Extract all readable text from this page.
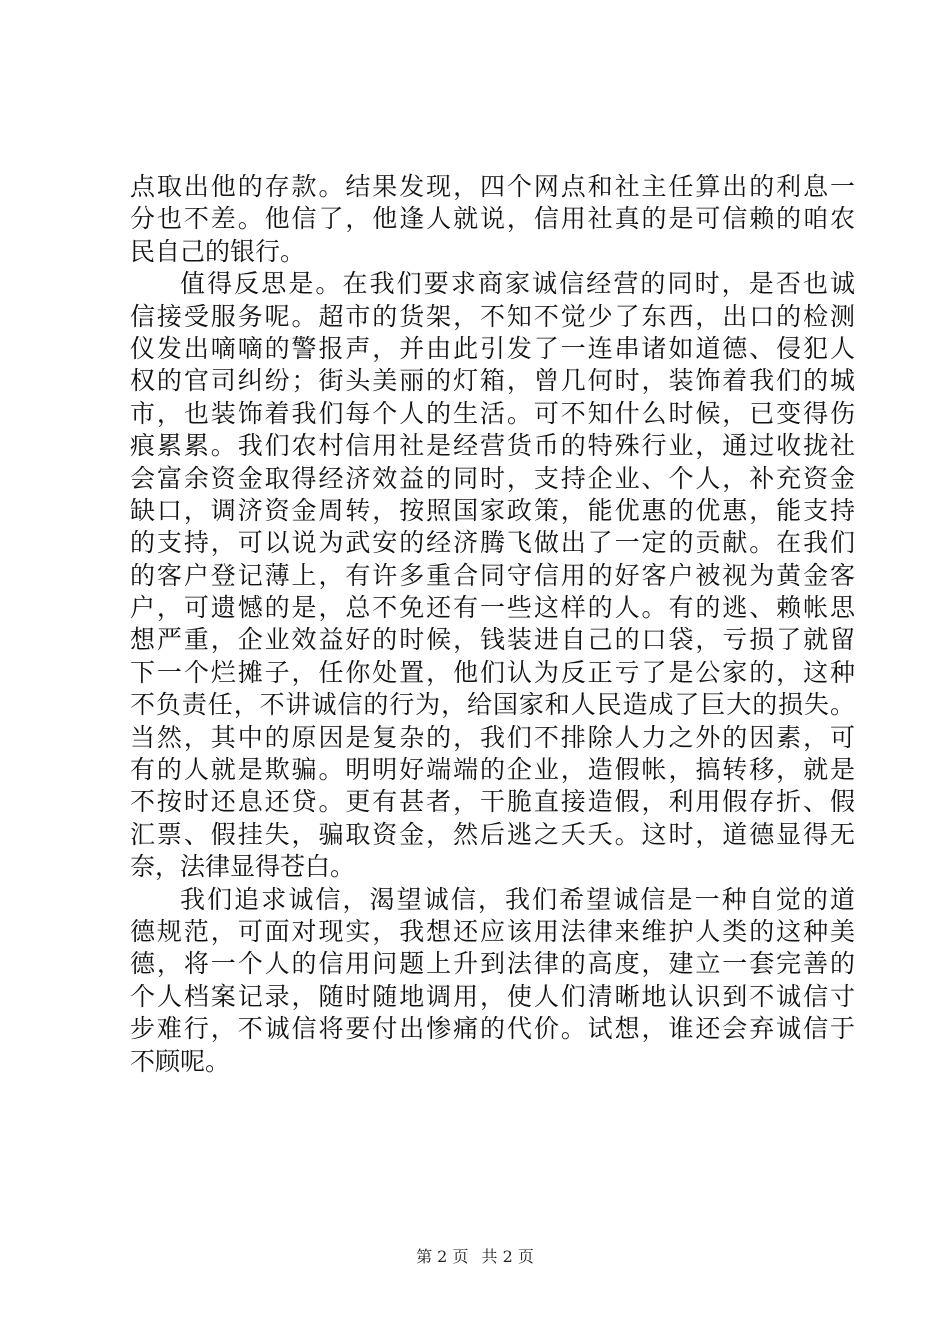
点取出他的存款。结果发现，四个网点和社主任算出的利息一
分也不差。他信了，他逢人就说，信用社真的是可信赖的咱农
民自己的银行。
值得反思是。在我们要求商家诚信经营的同时，是否也诚
信接受服务呢。超市的货架，不知不觉少了东西，出口的检测
仪发出嘀嘀的警报声，并由此引发了一连串诸如道德、侵犯人
权的官司纠纷；街头美丽的灯箱，曾几何时，装饰着我们的城
市，也装饰着我们每个人的生活。可不知什么时候，已变得伤
痕累累。我们农村信用社是经营货币的特殊行业，通过收拢社
会富余资金取得经济效益的同时，支持企业、个人，补充资金
缺口，调济资金周转，按照国家政策，能优惠的优惠，能支持
的支持，可以说为武安的经济腾飞做出了一定的贡献。在我们
的客户登记薄上，有许多重合同守信用的好客户被视为黄金客
户，可遗憾的是，总不免还有一些这样的人。有的逃、赖帐思
想严重，企业效益好的时候，钱装进自己的口袋，亏损了就留
下一个烂摊子，任你处置，他们认为反正亏了是公家的，这种
不负责任，不讲诚信的行为，给国家和人民造成了巨大的损失。
当然，其中的原因是复杂的，我们不排除人力之外的因素，可
有的人就是欺骗。明明好端端的企业，造假帐，搞转移，就是
不按时还息还贷。更有甚者，干脆直接造假，利用假存折、假
汇票、假挂失，骗取资金，然后逃之夭夭。这时，道德显得无
奈，法律显得苍白。
我们追求诚信，渴望诚信，我们希望诚信是一种自觉的道
德规范，可面对现实，我想还应该用法律来维护人类的这种美
德，将一个人的信用问题上升到法律的高度，建立一套完善的
个人档案记录，随时随地调用，使人们清晰地认识到不诚信寸
步难行，不诚信将要付出惨痛的代价。试想，谁还会弃诚信于
不顾呢。
第 2 页 共 2 页
